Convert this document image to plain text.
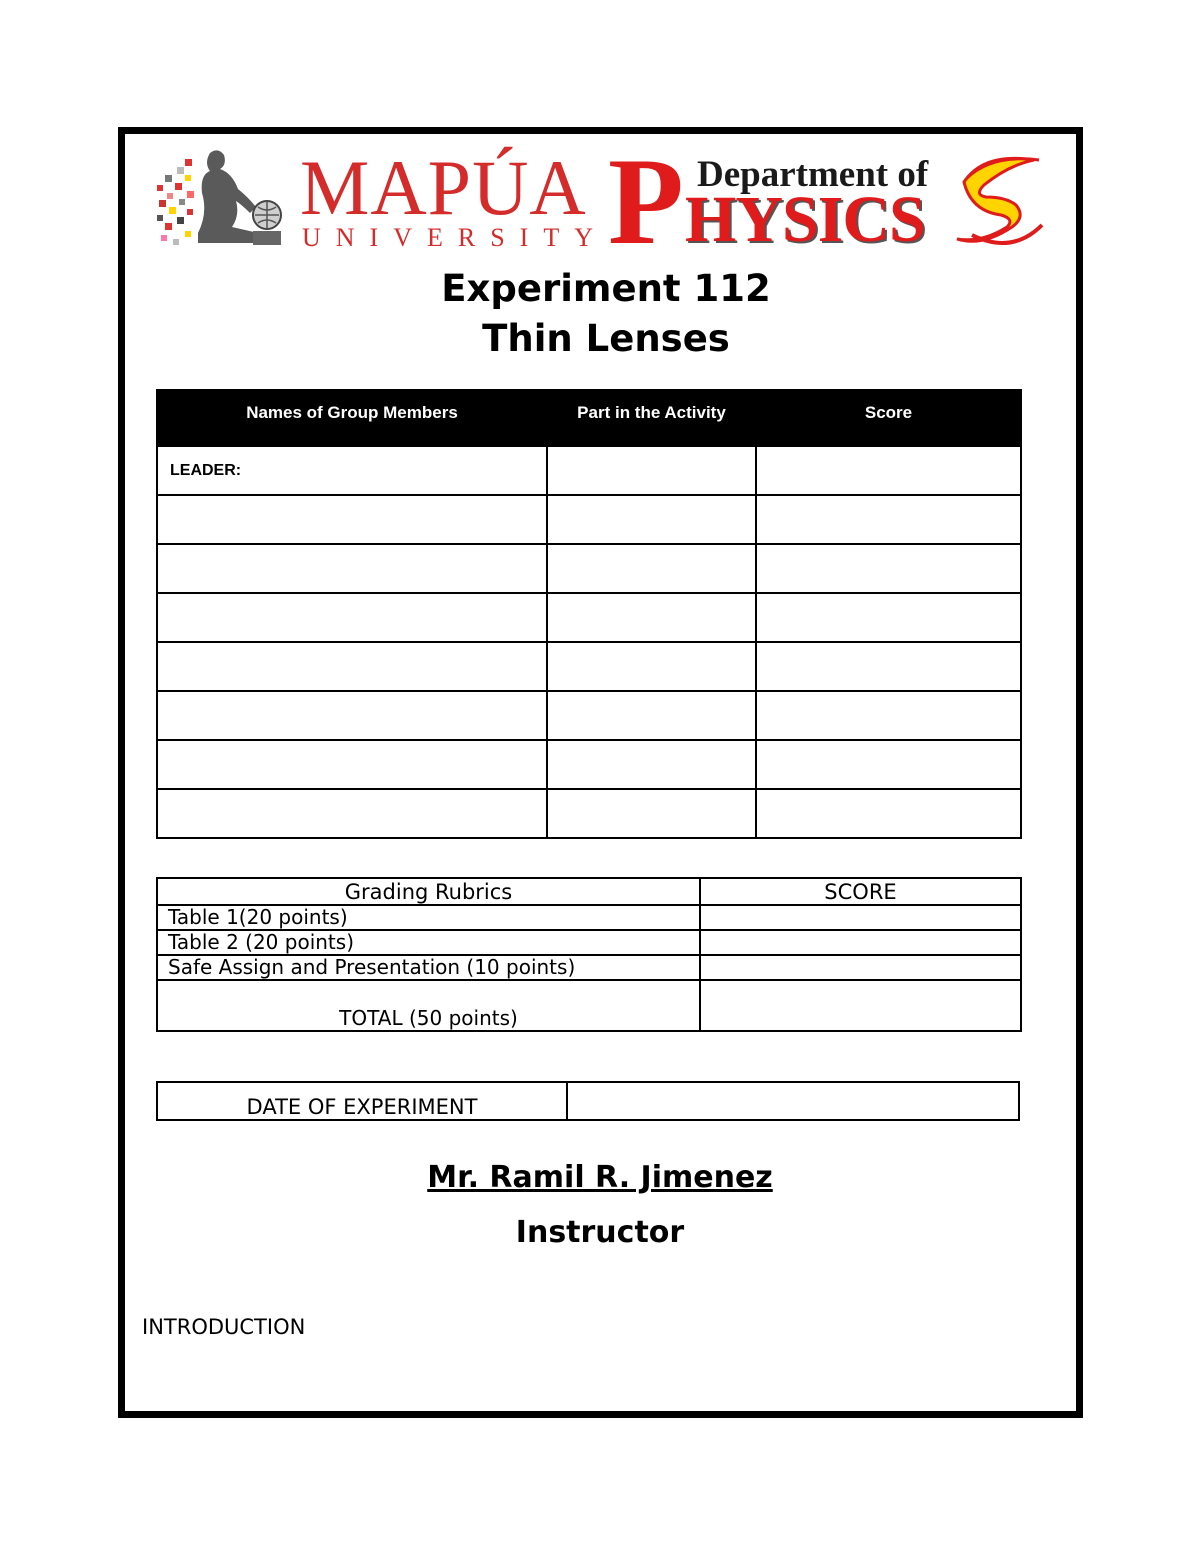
MAPÚA
UNIVERSITY P Department of
HYSICS
Experiment 112
Thin Lenses
Names of Group Members	Part in the Activity	Score
LEADER:		

Grading Rubrics	SCORE
Table 1(20 points)	
Table 2 (20 points)	
Safe Assign and Presentation (10 points)	
TOTAL (50 points)	
DATE OF EXPERIMENT	
Mr. Ramil R. Jimenez
Instructor
INTRODUCTION
